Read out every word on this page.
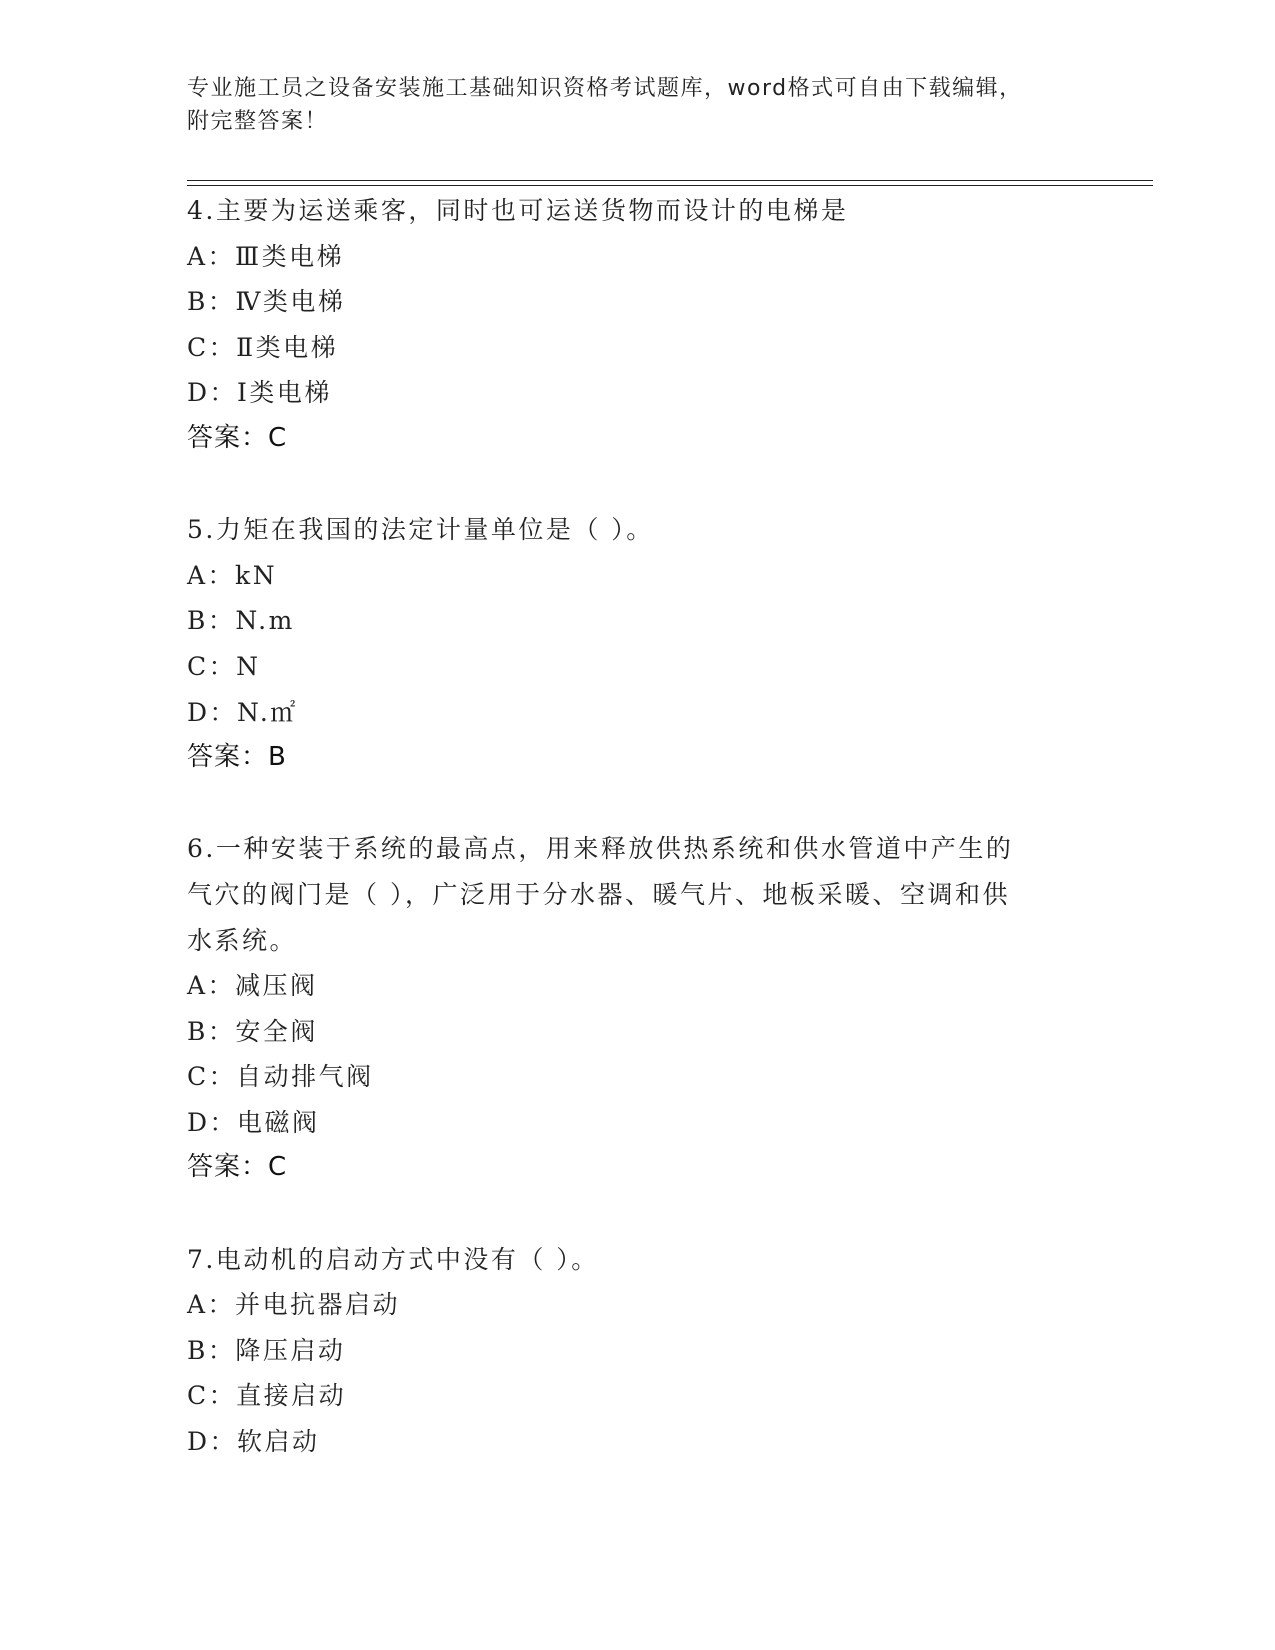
专业施工员之设备安装施工基础知识资格考试题库，word格式可自由下载编辑，
附完整答案！
4.主要为运送乘客，同时也可运送货物而设计的电梯是
A：Ⅲ类电梯
B：Ⅳ类电梯
C：Ⅱ类电梯
D：Ⅰ类电梯
答案：C
5.力矩在我国的法定计量单位是（ ）。
A：kN
B：N.m
C：N
D：N.㎡
答案：B
6.一种安装于系统的最高点，用来释放供热系统和供水管道中产生的
气穴的阀门是（ ），广泛用于分水器、暖气片、地板采暖、空调和供
水系统。
A：减压阀
B：安全阀
C：自动排气阀
D：电磁阀
答案：C
7.电动机的启动方式中没有（ ）。
A：并电抗器启动
B：降压启动
C：直接启动
D：软启动
